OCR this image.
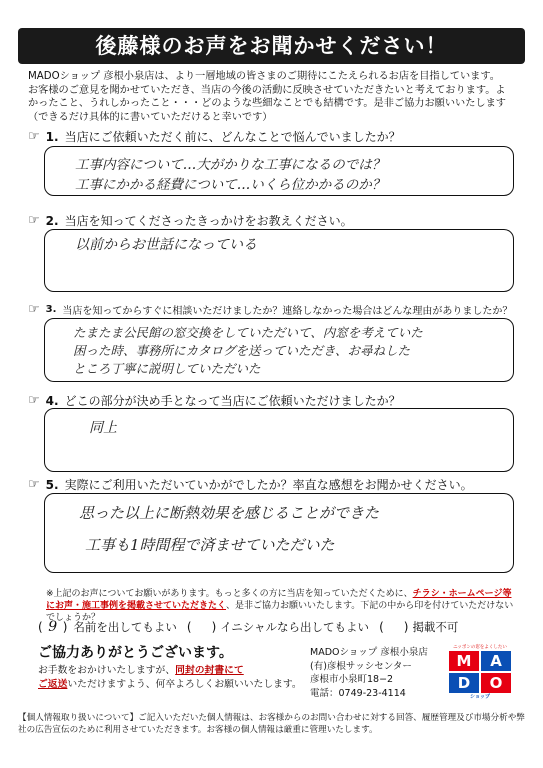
後藤様のお声をお聞かせください！

MADOショップ 彦根小泉店は、より一層地域の皆さまのご期待にこたえられるお店を目指しています。

お客様のご意見を聞かせていただき、当店の今後の活動に反映させていただきたいと考えております。よ

かったこと、うれしかったこと・・・どのような些細なことでも結構です。是非ご協力お願いいたします

（できるだけ具体的に書いていただけると幸いです）

☞ 1. 当店にご依頼いただく前に、どんなことで悩んでいましたか？
工事内容について…大がかりな工事になるのでは？
工事にかかる経費について…いくら位かかるのか？
☞ 2. 当店を知ってくださったきっかけをお教えください。
以前からお世話になっている
☞ 3. 当店を知ってからすぐに相談いただけましたか？連絡しなかった場合はどんな理由がありましたか？
たまたま公民館の窓交換をしていただいて、内窓を考えていた
困った時、事務所にカタログを送っていただき、お尋ねした
ところ丁寧に説明していただいた
☞ 4. どこの部分が決め手となって当店にご依頼いただけましたか？
同上
☞ 5. 実際にご利用いただいていかがでしたか？率直な感想をお聞かせください。
思った以上に断熱効果を感じることができた
工事も1時間程で済ませていただいた
※上記のお声についてお願いがあります。もっと多くの方に当店を知っていただくために、チラシ・ホームページ等にお声・施工事例を掲載させていただきたく、是非ご協力お願いいたします。下記の中から印を付けていただけないでしょうか？
( 9 ) 名前を出してもよい ( ) イニシャルなら出してもよい ( ) 掲載不可
ご協力ありがとうございます。
お手数をおかけいたしますが、同封の封書にて
ご返送いただけますよう、何卒よろしくお願いいたします。
MADOショップ 彦根小泉店
(有)彦根サッシセンター
彦根市小泉町18−2
電話：0749-23-4114
ニッポンの窓をよくしたい
M	A
D	O
ショップ
【個人情報取り扱いについて】ご記入いただいた個人情報は、お客様からのお問い合わせに対する回答、履歴管理及び市場分析や弊社の広告宣伝のために利用させていただきます。お客様の個人情報は厳重に管理いたします。
